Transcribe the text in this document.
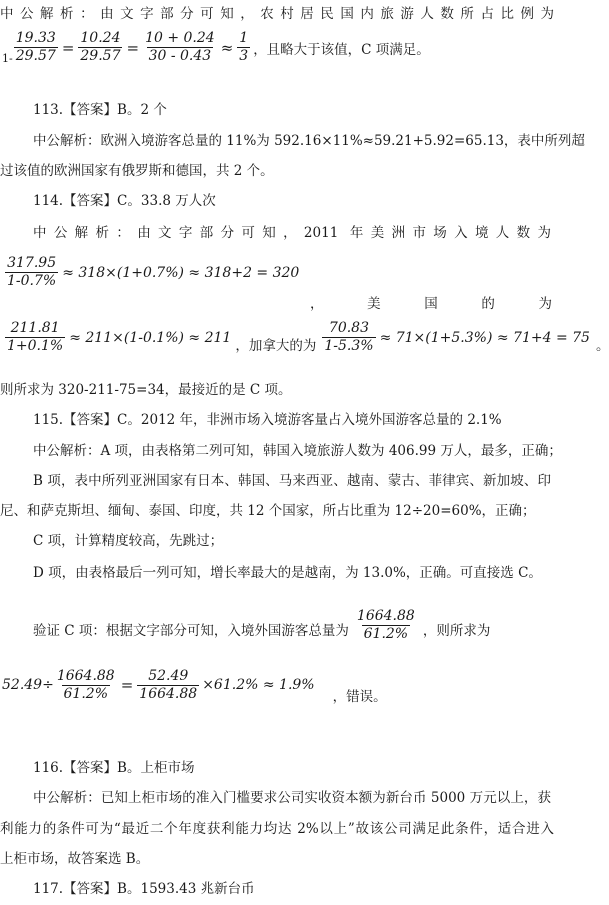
中公解析：由文字部分可知，农村居民国内旅游人数所占比例为
$1- \frac{19.33}{29.57} = \frac{10.24}{29.57} = \frac{10 + 0.24}{30 - 0.43} \approx \frac{1}{3}$ ，且略大于该值，C 项满足。
113.【答案】B。2 个
中公解析：欧洲入境游客总量的 11%为 592.16×11%≈59.21+5.92=65.13，表中所列超
过该值的欧洲国家有俄罗斯和德国，共 2 个。
114.【答案】C。33.8 万人次
中公解析：由文字部分可知，2011 年美洲市场入境人数为
$\frac{317.95}{1-0.7\%} \approx 318\times(1+0.7\%) \approx 318+2 = 320$
，	美	国	的	为
$\frac{211.81}{1+0.1\%} \approx 211\times(1-0.1\%) \approx 211$ ，加拿大的为 $\frac{70.83}{1-5.3\%} \approx 71\times(1+5.3\%) \approx 71+4 = 75$ 。
则所求为 320-211-75=34，最接近的是 C 项。
115.【答案】C。2012 年，非洲市场入境游客量占入境外国游客总量的 2.1%
中公解析：A 项，由表格第二列可知，韩国入境旅游人数为 406.99 万人，最多，正确；
B 项，表中所列亚洲国家有日本、韩国、马来西亚、越南、蒙古、菲律宾、新加坡、印
尼、和萨克斯坦、缅甸、泰国、印度，共 12 个国家，所占比重为 12÷20=60%，正确；
C 项，计算精度较高，先跳过；
D 项，由表格最后一列可知，增长率最大的是越南，为 13.0%，正确。可直接选 C。
验证 C 项：根据文字部分可知，入境外国游客总量为 $\frac{1664.88}{61.2\%}$ ，则所求为
$52.49\div \frac{1664.88}{61.2\%} = \frac{52.49}{1664.88} \times 61.2\% \approx 1.9\%$
，错误。
116.【答案】B。上柜市场
中公解析：已知上柜市场的准入门槛要求公司实收资本额为新台币 5000 万元以上，获
利能力的条件可为“最近二个年度获利能力均达 2%以上”故该公司满足此条件，适合进入
上柜市场，故答案选 B。
117.【答案】B。1593.43 兆新台币
